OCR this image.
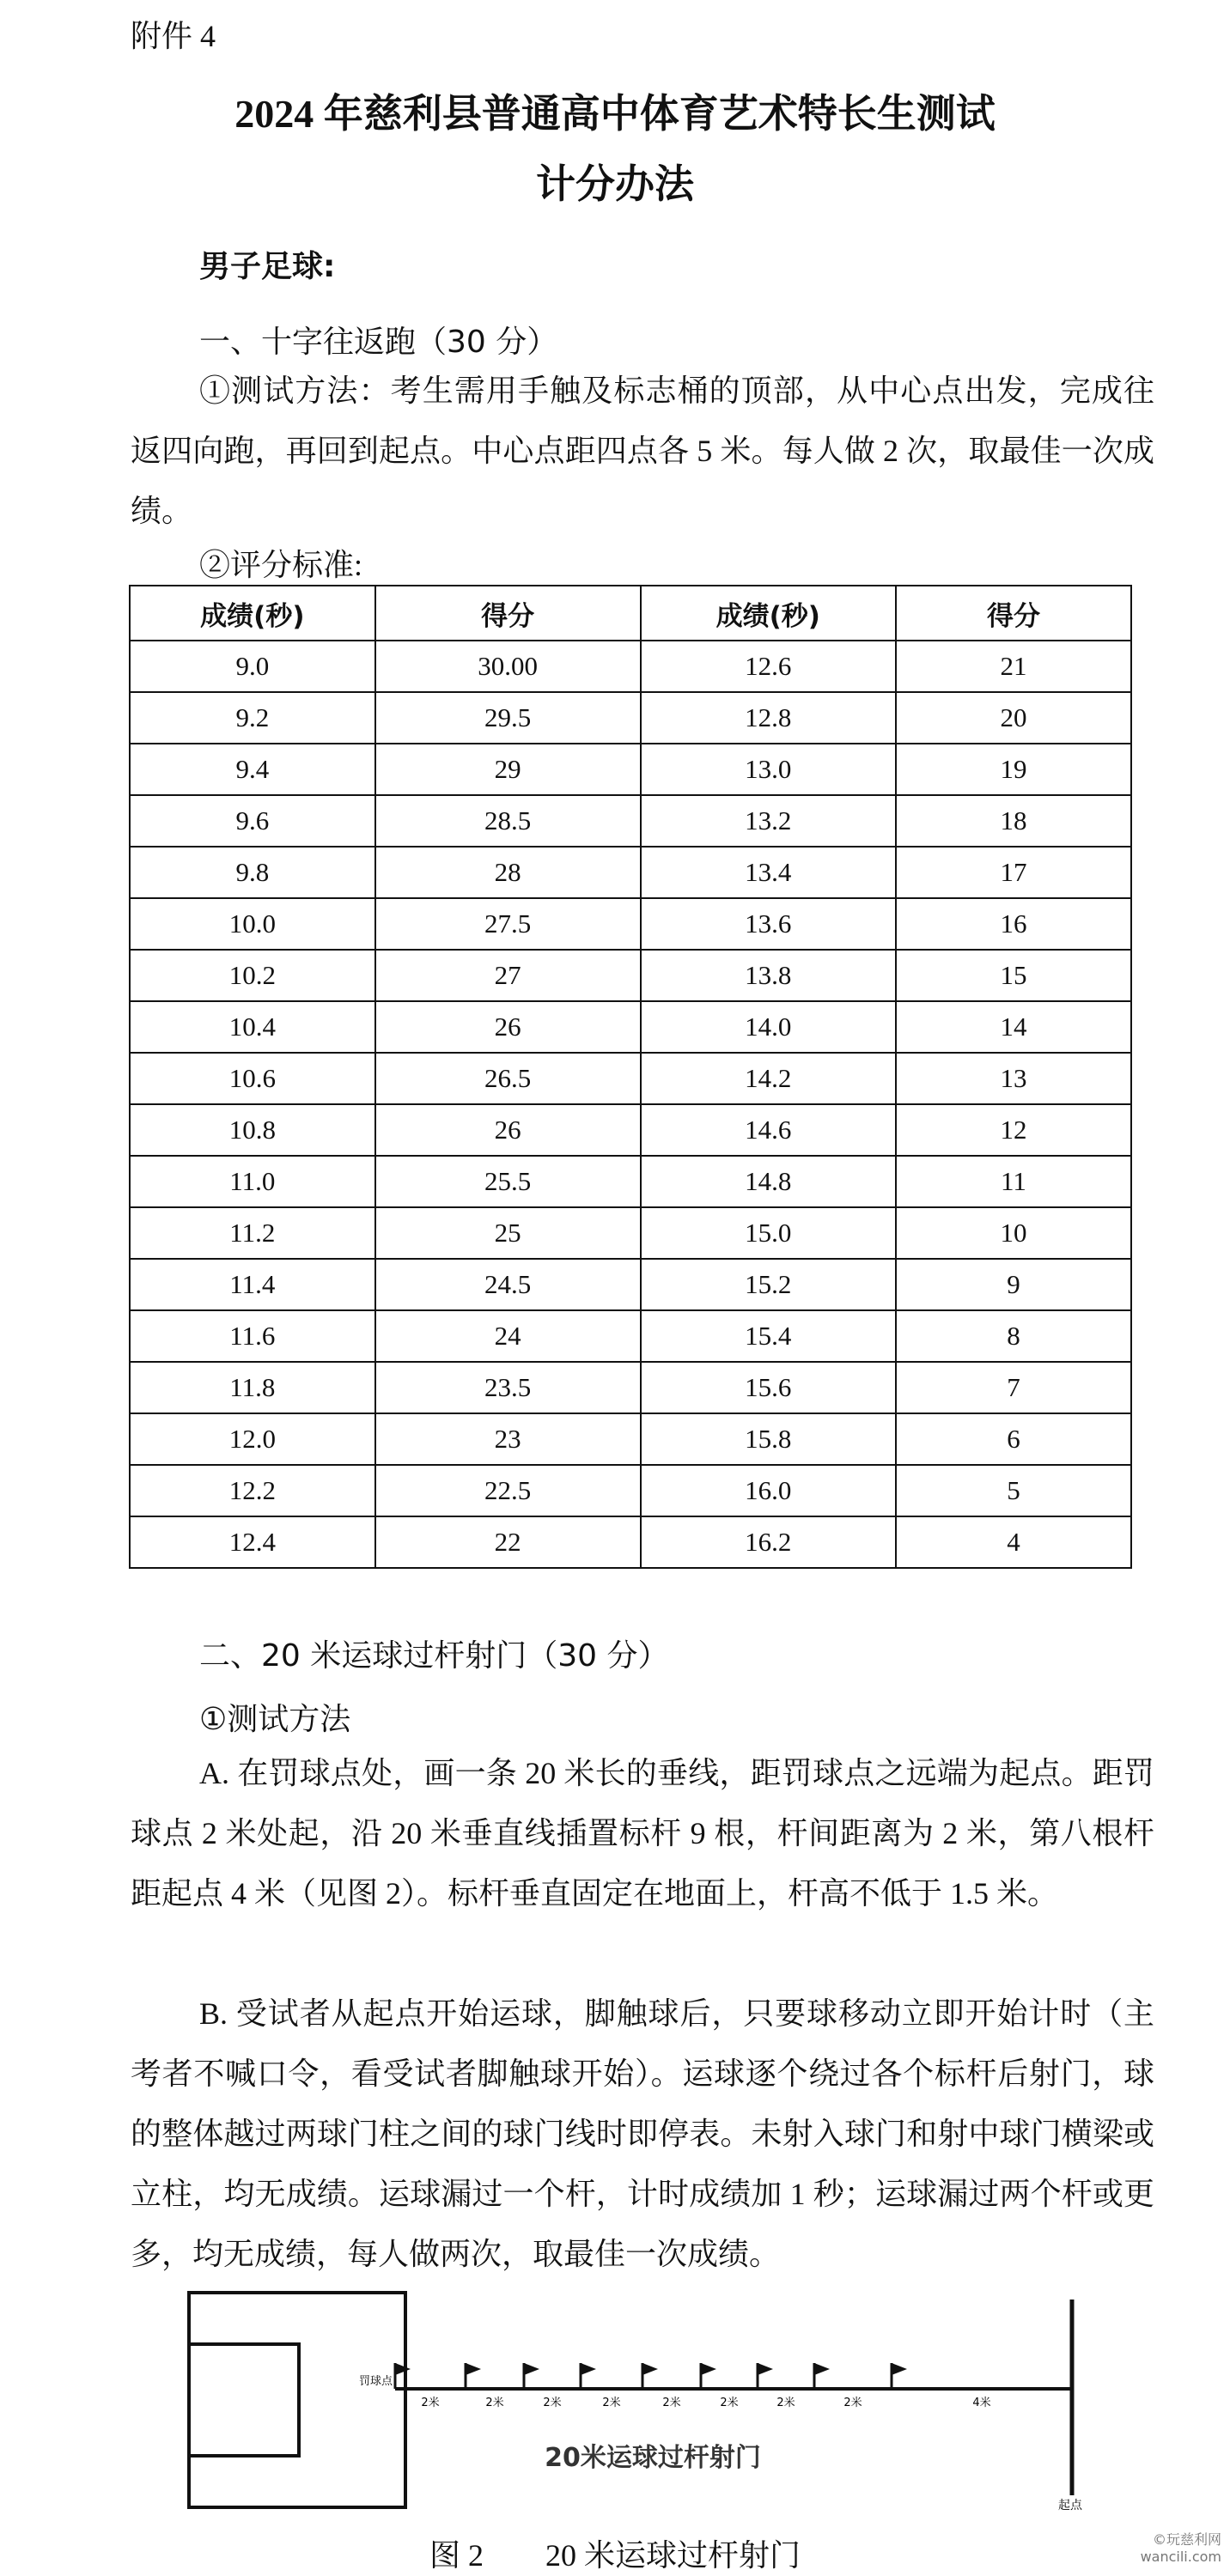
附件 4
2024 年慈利县普通高中体育艺术特长生测试
计分办法
男子足球:
一、十字往返跑（30 分）
①测试方法：考生需用手触及标志桶的顶部，从中心点出发，完成往返四向跑，再回到起点。中心点距四点各 5 米。每人做 2 次，取最佳一次成绩。
②评分标准:
成绩(秒)	得分	成绩(秒)	得分
9.0	30.00	12.6	21
9.2	29.5	12.8	20
9.4	29	13.0	19
9.6	28.5	13.2	18
9.8	28	13.4	17
10.0	27.5	13.6	16
10.2	27	13.8	15
10.4	26	14.0	14
10.6	26.5	14.2	13
10.8	26	14.6	12
11.0	25.5	14.8	11
11.2	25	15.0	10
11.4	24.5	15.2	9
11.6	24	15.4	8
11.8	23.5	15.6	7
12.0	23	15.8	6
12.2	22.5	16.0	5
12.4	22	16.2	4
二、20 米运球过杆射门（30 分）
①测试方法
A. 在罚球点处，画一条 20 米长的垂线，距罚球点之远端为起点。距罚球点 2 米处起，沿 20 米垂直线插置标杆 9 根，杆间距离为 2 米，第八根杆距起点 4 米（见图 2）。标杆垂直固定在地面上，杆高不低于 1.5 米。
B. 受试者从起点开始运球，脚触球后，只要球移动立即开始计时（主考者不喊口令，看受试者脚触球开始）。运球逐个绕过各个标杆后射门，球的整体越过两球门柱之间的球门线时即停表。未射入球门和射中球门横梁或立柱，均无成绩。运球漏过一个杆，计时成绩加 1 秒；运球漏过两个杆或更多，均无成绩，每人做两次，取最佳一次成绩。
罚球点
2米	2米	2米	2米	2米	2米	2米	2米	4米
20米运球过杆射门
起点
图 2　　20 米运球过杆射门	©玩慈利网
wancili.com
